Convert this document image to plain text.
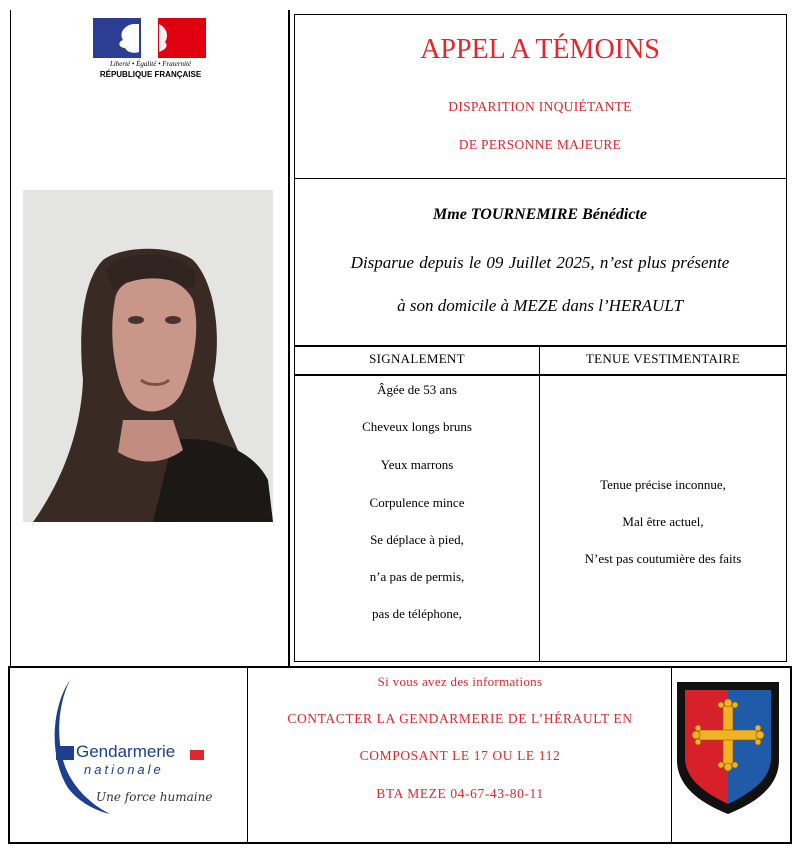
Liberté • Égalité • Fraternité
RÉPUBLIQUE FRANÇAISE
APPEL A TÉMOINS
DISPARITION INQUIÉTANTE
DE PERSONNE MAJEURE
Mme TOURNEMIRE Bénédicte
Disparue depuis le 09 Juillet 2025, n’est plus présente
à son domicile à MEZE dans l’HERAULT
SIGNALEMENT	TENUE VESTIMENTAIRE
Âgée de 53 ans
Cheveux longs bruns
Yeux marrons
Corpulence mince
Se déplace à pied,
n’a pas de permis,
pas de téléphone,
Tenue précise inconnue,
Mal être actuel,
N’est pas coutumière des faits
Gendarmerie
nationale
Une force humaine
Si vous avez des informations
CONTACTER LA GENDARMERIE DE L’HÉRAULT EN
COMPOSANT LE 17 OU LE 112
BTA MEZE 04-67-43-80-11
